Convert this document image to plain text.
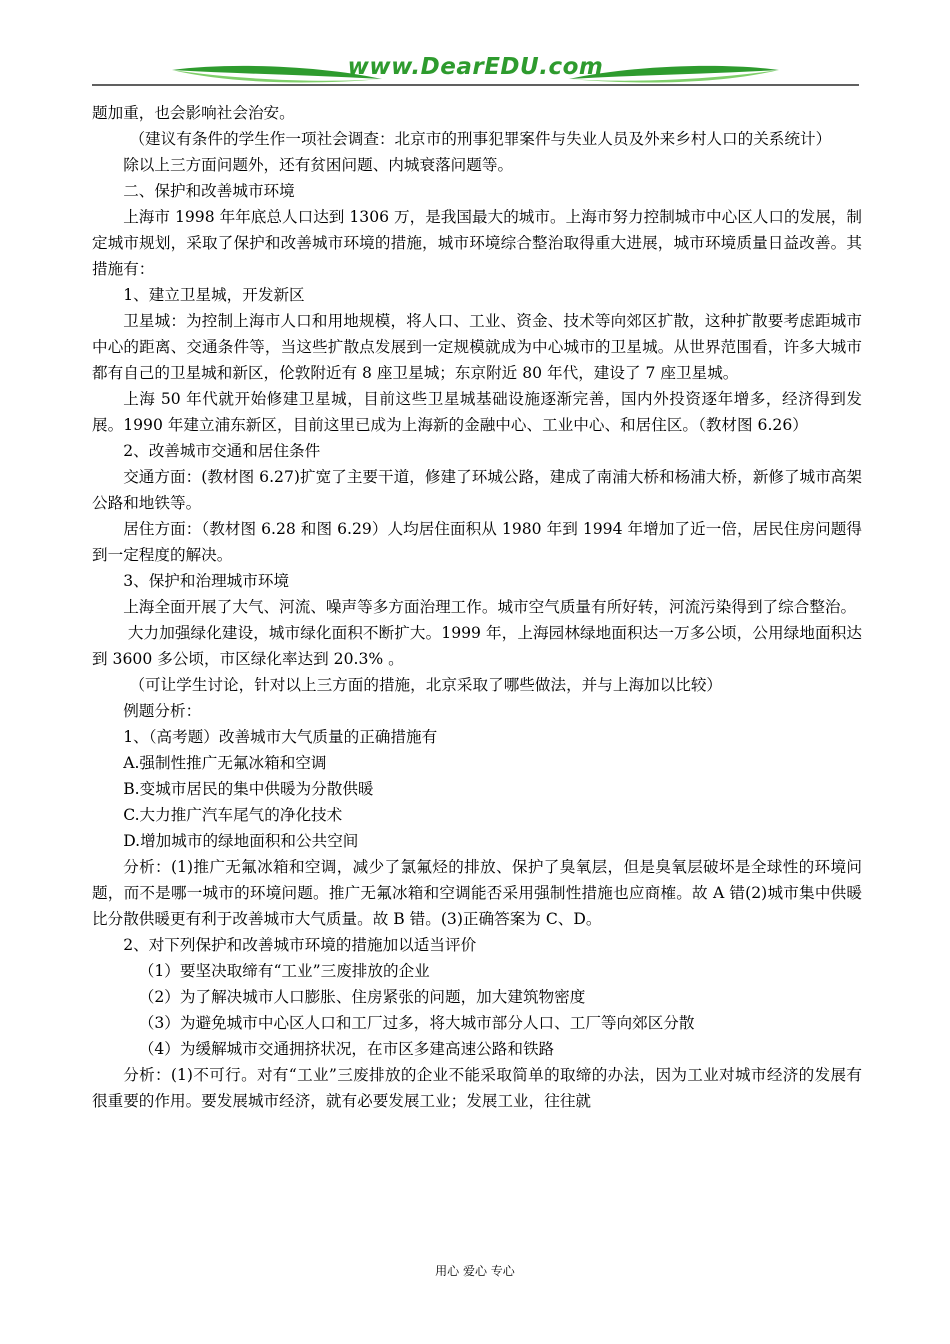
www.DearEDU.com

题加重，也会影响社会治安。

（建议有条件的学生作一项社会调查：北京市的刑事犯罪案件与失业人员及外来乡村人口的关系统计）

除以上三方面问题外，还有贫困问题、内城衰落问题等。

二、保护和改善城市环境

上海市 1998 年年底总人口达到 1306 万，是我国最大的城市。上海市努力控制城市中心区人口的发展，制定城市规划，采取了保护和改善城市环境的措施，城市环境综合整治取得重大进展，城市环境质量日益改善。其措施有：

1、建立卫星城，开发新区

卫星城：为控制上海市人口和用地规模，将人口、工业、资金、技术等向郊区扩散，这种扩散要考虑距城市中心的距离、交通条件等，当这些扩散点发展到一定规模就成为中心城市的卫星城。从世界范围看，许多大城市都有自己的卫星城和新区，伦敦附近有 8 座卫星城；东京附近 80 年代，建设了 7 座卫星城。

上海 50 年代就开始修建卫星城，目前这些卫星城基础设施逐渐完善，国内外投资逐年增多，经济得到发展。1990 年建立浦东新区，目前这里已成为上海新的金融中心、工业中心、和居住区。（教材图 6.26）

2、改善城市交通和居住条件

交通方面：(教材图 6.27)扩宽了主要干道，修建了环城公路，建成了南浦大桥和杨浦大桥，新修了城市高架公路和地铁等。

居住方面：（教材图 6.28 和图 6.29）人均居住面积从 1980 年到 1994 年增加了近一倍，居民住房问题得到一定程度的解决。

3、保护和治理城市环境

上海全面开展了大气、河流、噪声等多方面治理工作。城市空气质量有所好转，河流污染得到了综合整治。

大力加强绿化建设，城市绿化面积不断扩大。1999 年，上海园林绿地面积达一万多公顷，公用绿地面积达到 3600 多公顷，市区绿化率达到 20.3% 。

（可让学生讨论，针对以上三方面的措施，北京采取了哪些做法，并与上海加以比较）

例题分析：

1、（高考题）改善城市大气质量的正确措施有

A.强制性推广无氟冰箱和空调

B.变城市居民的集中供暖为分散供暖

C.大力推广汽车尾气的净化技术

D.增加城市的绿地面积和公共空间

分析：(1)推广无氟冰箱和空调，减少了氯氟烃的排放、保护了臭氧层，但是臭氧层破坏是全球性的环境问题，而不是哪一城市的环境问题。推广无氟冰箱和空调能否采用强制性措施也应商榷。故 A 错(2)城市集中供暖比分散供暖更有利于改善城市大气质量。故 B 错。(3)正确答案为 C、D。

2、对下列保护和改善城市环境的措施加以适当评价

（1）要坚决取缔有“工业”三废排放的企业

（2）为了解决城市人口膨胀、住房紧张的问题，加大建筑物密度

（3）为避免城市中心区人口和工厂过多，将大城市部分人口、工厂等向郊区分散

（4）为缓解城市交通拥挤状况，在市区多建高速公路和铁路

分析：(1)不可行。对有“工业”三废排放的企业不能采取简单的取缔的办法，因为工业对城市经济的发展有很重要的作用。要发展城市经济，就有必要发展工业；发展工业，往往就

用心 爱心 专心
